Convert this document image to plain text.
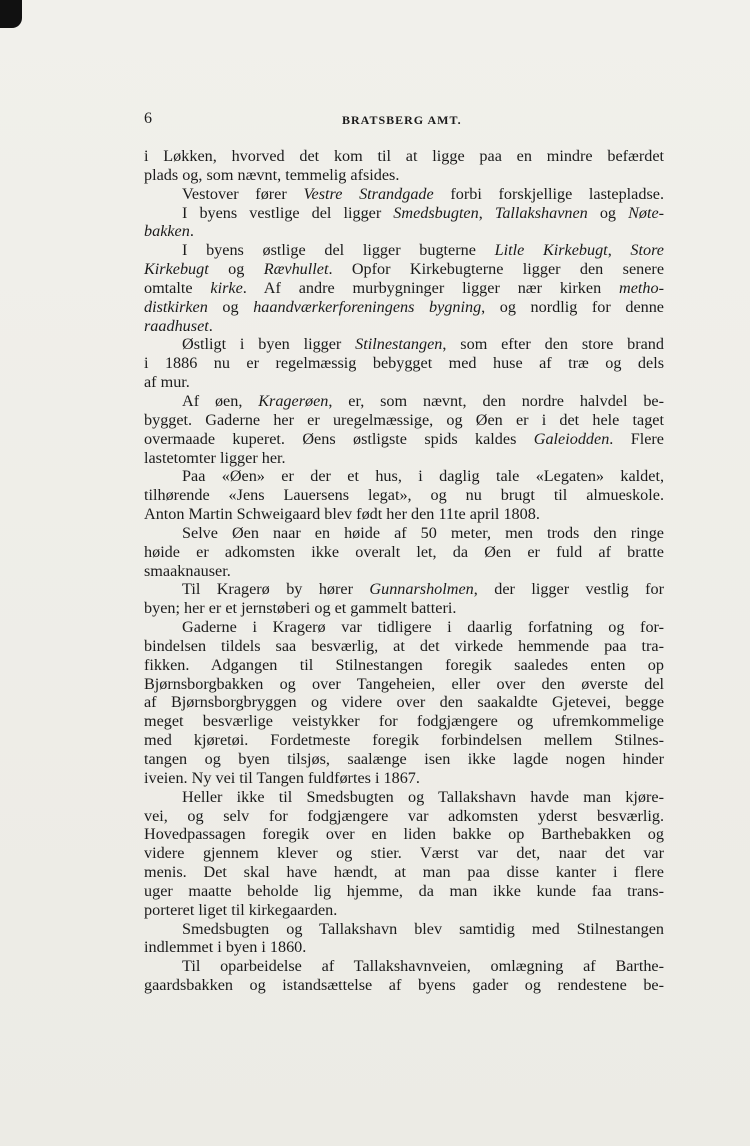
6	BRATSBERG AMT.
i Løkken, hvorved det kom til at ligge paa en mindre befærdet
plads og, som nævnt, temmelig afsides.
Vestover fører Vestre Strandgade forbi forskjellige lastepladse.
I byens vestlige del ligger Smedsbugten, Tallakshavnen og Nøte-
bakken.
I byens østlige del ligger bugterne Litle Kirkebugt, Store
Kirkebugt og Rævhullet. Opfor Kirkebugterne ligger den senere
omtalte kirke. Af andre murbygninger ligger nær kirken metho-
distkirken og haandværkerforeningens bygning, og nordlig for denne
raadhuset.
Østligt i byen ligger Stilnestangen, som efter den store brand
i 1886 nu er regelmæssig bebygget med huse af træ og dels
af mur.
Af øen, Kragerøen, er, som nævnt, den nordre halvdel be-
bygget. Gaderne her er uregelmæssige, og Øen er i det hele taget
overmaade kuperet. Øens østligste spids kaldes Galeiodden. Flere
lastetomter ligger her.
Paa «Øen» er der et hus, i daglig tale «Legaten» kaldet,
tilhørende «Jens Lauersens legat», og nu brugt til almueskole.
Anton Martin Schweigaard blev født her den 11te april 1808.
Selve Øen naar en høide af 50 meter, men trods den ringe
høide er adkomsten ikke overalt let, da Øen er fuld af bratte
smaaknauser.
Til Kragerø by hører Gunnarsholmen, der ligger vestlig for
byen; her er et jernstøberi og et gammelt batteri.
Gaderne i Kragerø var tidligere i daarlig forfatning og for-
bindelsen tildels saa besværlig, at det virkede hemmende paa tra-
fikken. Adgangen til Stilnestangen foregik saaledes enten op
Bjørnsborgbakken og over Tangeheien, eller over den øverste del
af Bjørnsborgbryggen og videre over den saakaldte Gjetevei, begge
meget besværlige veistykker for fodgjængere og ufremkommelige
med kjøretøi. Fordetmeste foregik forbindelsen mellem Stilnes-
tangen og byen tilsjøs, saalænge isen ikke lagde nogen hinder
iveien. Ny vei til Tangen fuldførtes i 1867.
Heller ikke til Smedsbugten og Tallakshavn havde man kjøre-
vei, og selv for fodgjængere var adkomsten yderst besværlig.
Hovedpassagen foregik over en liden bakke op Barthebakken og
videre gjennem klever og stier. Værst var det, naar det var
menis. Det skal have hændt, at man paa disse kanter i flere
uger maatte beholde lig hjemme, da man ikke kunde faa trans-
porteret liget til kirkegaarden.
Smedsbugten og Tallakshavn blev samtidig med Stilnestangen
indlemmet i byen i 1860.
Til oparbeidelse af Tallakshavnveien, omlægning af Barthe-
gaardsbakken og istandsættelse af byens gader og rendestene be-
